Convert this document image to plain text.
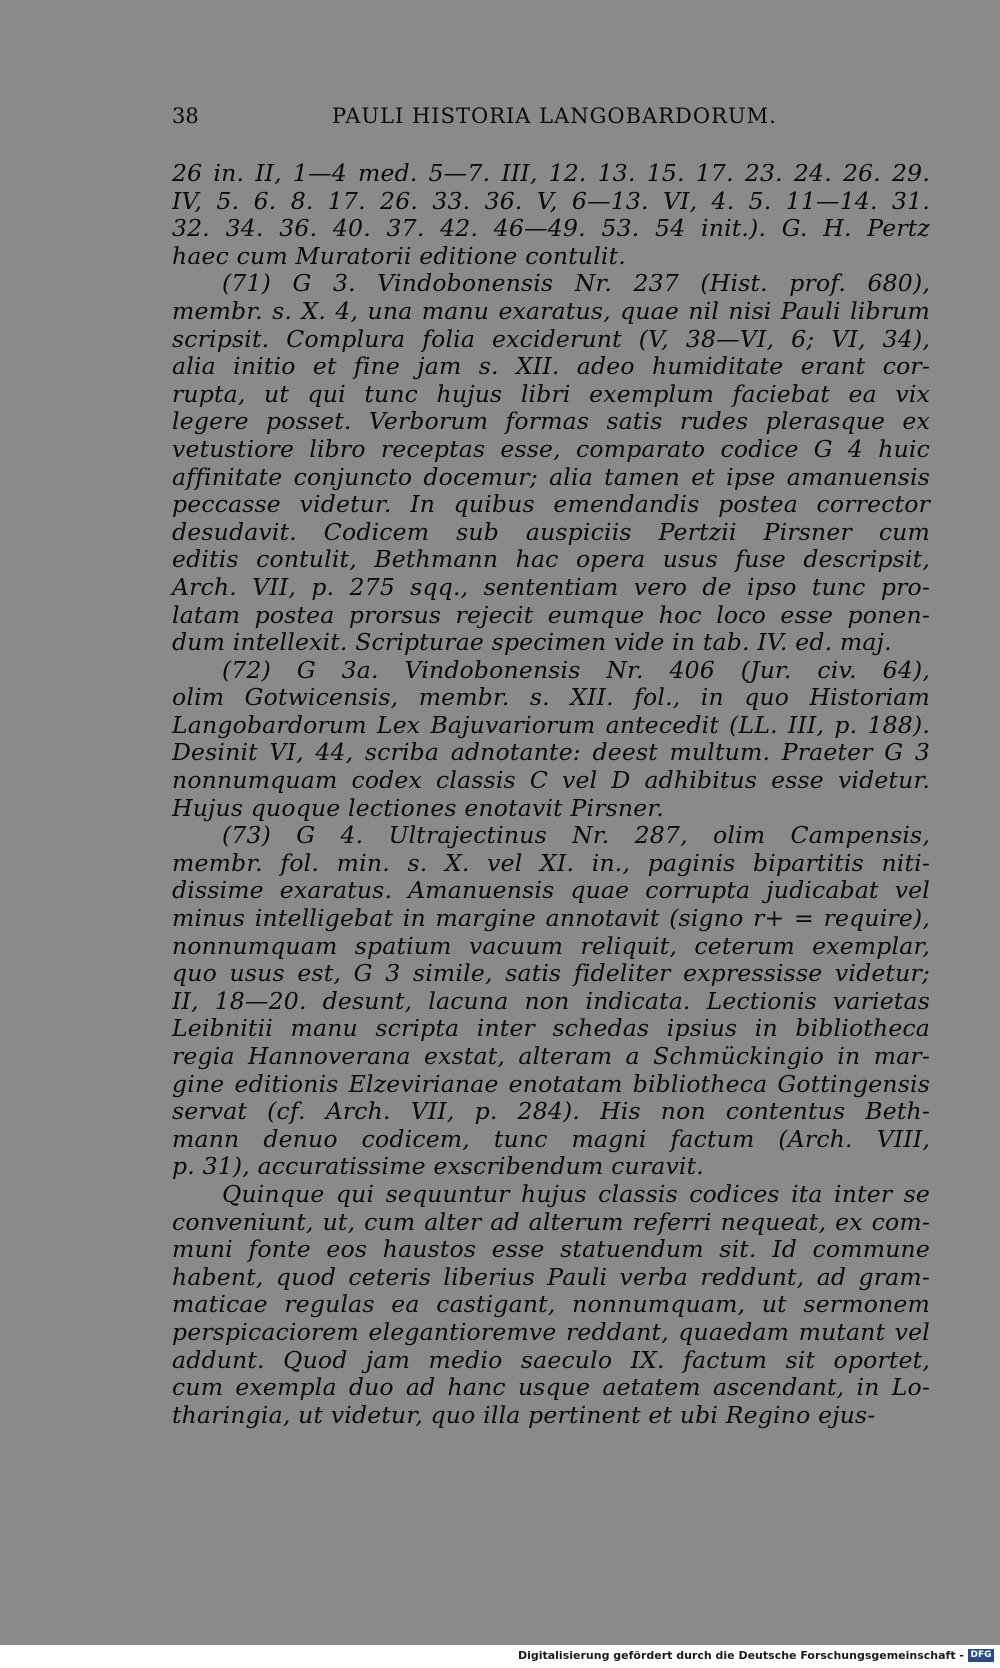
38	PAULI HISTORIA LANGOBARDORUM.
26 in. II, 1—4 med. 5—7. III, 12. 13. 15. 17. 23. 24. 26. 29.
IV, 5. 6. 8. 17. 26. 33. 36. V, 6—13. VI, 4. 5. 11—14. 31.
32. 34. 36. 40. 37. 42. 46—49. 53. 54 init.). G. H. Pertz
haec cum Muratorii editione contulit.
(71) G 3. Vindobonensis Nr. 237 (Hist. prof. 680),
membr. s. X. 4, una manu exaratus, quae nil nisi Pauli librum
scripsit. Complura folia exciderunt (V, 38—VI, 6; VI, 34),
alia initio et fine jam s. XII. adeo humiditate erant cor-
rupta, ut qui tunc hujus libri exemplum faciebat ea vix
legere posset. Verborum formas satis rudes plerasque ex
vetustiore libro receptas esse, comparato codice G 4 huic
affinitate conjuncto docemur; alia tamen et ipse amanuensis
peccasse videtur. In quibus emendandis postea corrector
desudavit. Codicem sub auspiciis Pertzii Pirsner cum
editis contulit, Bethmann hac opera usus fuse descripsit,
Arch. VII, p. 275 sqq., sententiam vero de ipso tunc pro-
latam postea prorsus rejecit eumque hoc loco esse ponen-
dum intellexit. Scripturae specimen vide in tab. IV. ed. maj.
(72) G 3a. Vindobonensis Nr. 406 (Jur. civ. 64),
olim Gotwicensis, membr. s. XII. fol., in quo Historiam
Langobardorum Lex Bajuvariorum antecedit (LL. III, p. 188).
Desinit VI, 44, scriba adnotante: deest multum. Praeter G 3
nonnumquam codex classis C vel D adhibitus esse videtur.
Hujus quoque lectiones enotavit Pirsner.
(73) G 4. Ultrajectinus Nr. 287, olim Campensis,
membr. fol. min. s. X. vel XI. in., paginis bipartitis niti-
dissime exaratus. Amanuensis quae corrupta judicabat vel
minus intelligebat in margine annotavit (signo r+ = require),
nonnumquam spatium vacuum reliquit, ceterum exemplar,
quo usus est, G 3 simile, satis fideliter expressisse videtur;
II, 18—20. desunt, lacuna non indicata. Lectionis varietas
Leibnitii manu scripta inter schedas ipsius in bibliotheca
regia Hannoverana exstat, alteram a Schmückingio in mar-
gine editionis Elzevirianae enotatam bibliotheca Gottingensis
servat (cf. Arch. VII, p. 284). His non contentus Beth-
mann denuo codicem, tunc magni factum (Arch. VIII,
p. 31), accuratissime exscribendum curavit.
Quinque qui sequuntur hujus classis codices ita inter se
conveniunt, ut, cum alter ad alterum referri nequeat, ex com-
muni fonte eos haustos esse statuendum sit. Id commune
habent, quod ceteris liberius Pauli verba reddunt, ad gram-
maticae regulas ea castigant, nonnumquam, ut sermonem
perspicaciorem elegantioremve reddant, quaedam mutant vel
addunt. Quod jam medio saeculo IX. factum sit oportet,
cum exempla duo ad hanc usque aetatem ascendant, in Lo-
tharingia, ut videtur, quo illa pertinent et ubi Regino ejus-
Digitalisierung gefördert durch die Deutsche Forschungsgemeinschaft - DFG
